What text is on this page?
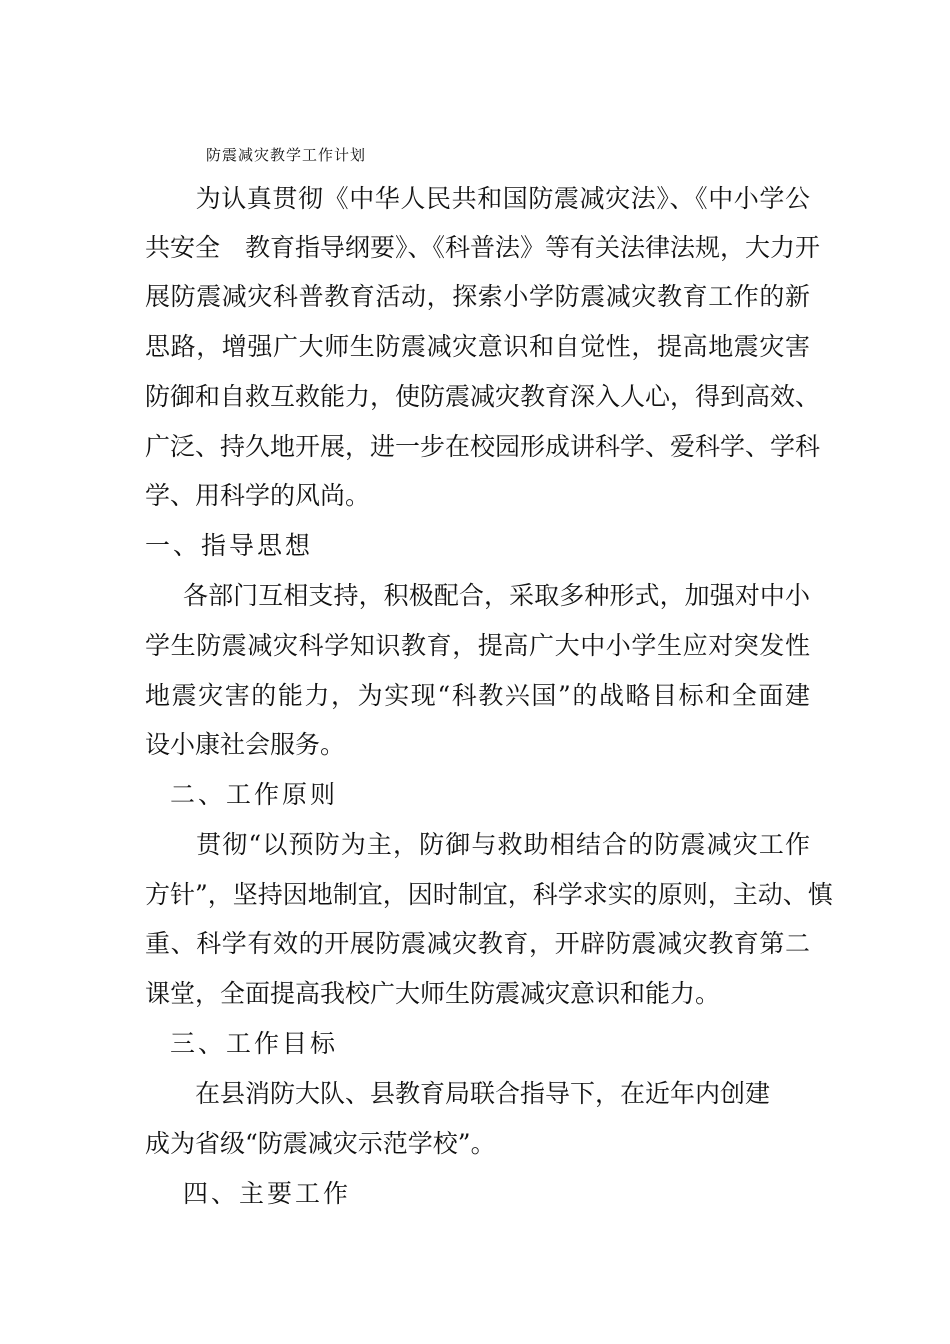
防震减灾教学工作计划
　为认真贯彻《中华人民共和国防震减灾法》、《中小学公
共安全　教育指导纲要》、《科普法》等有关法律法规，大力开
展防震减灾科普教育活动，探索小学防震减灾教育工作的新
思路，增强广大师生防震减灾意识和自觉性，提高地震灾害
防御和自救互救能力，使防震减灾教育深入人心，得到高效、
广泛、持久地开展，进一步在校园形成讲科学、爱科学、学科
学、用科学的风尚。
一、指导思想
各部门互相支持，积极配合，采取多种形式，加强对中小
学生防震减灾科学知识教育，提高广大中小学生应对突发性
地震灾害的能力，为实现“科教兴国”的战略目标和全面建
设小康社会服务。
二、工作原则
　贯彻“以预防为主，防御与救助相结合的防震减灾工作
方针”，坚持因地制宜，因时制宜，科学求实的原则，主动、慎
重、科学有效的开展防震减灾教育，开辟防震减灾教育第二
课堂，全面提高我校广大师生防震减灾意识和能力。
三、工作目标
　在县消防大队、县教育局联合指导下，在近年内创建
成为省级“防震减灾示范学校”。
四、主要工作
